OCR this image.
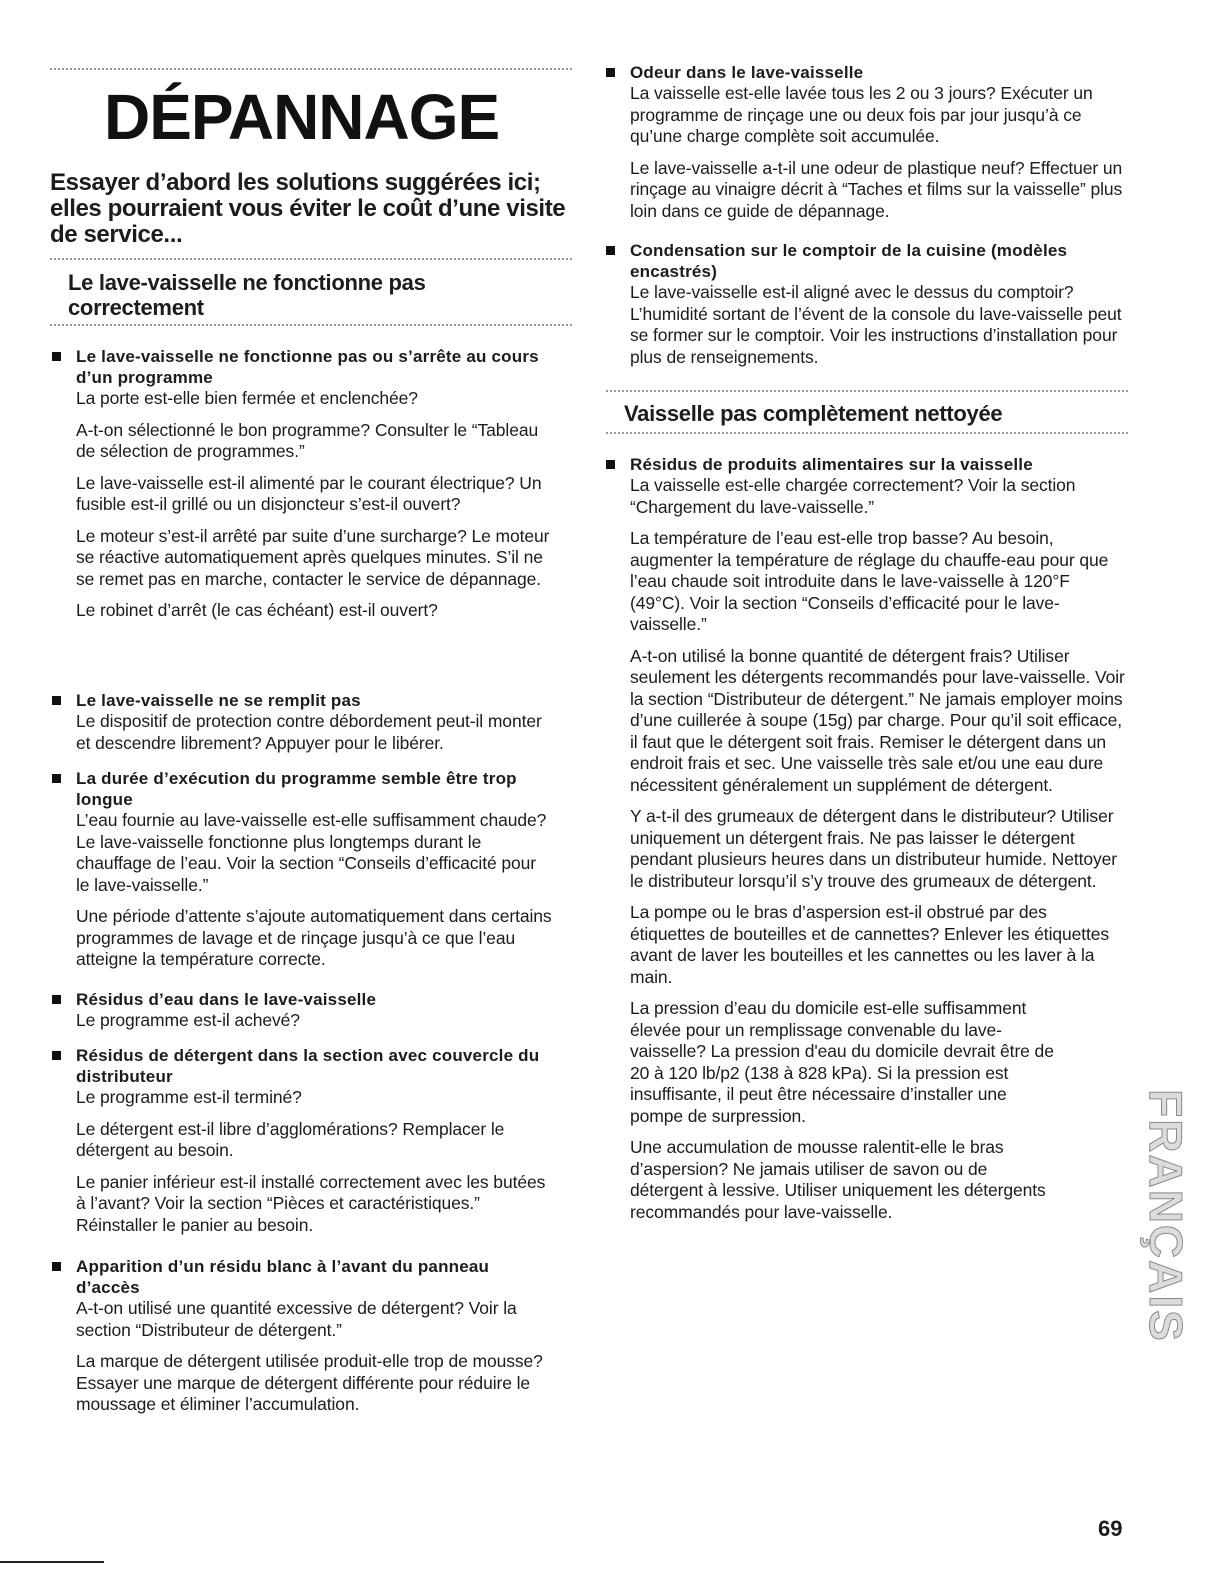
DÉPANNAGE
Essayer d’abord les solutions suggérées ici; elles pourraient vous éviter le coût d’une visite de service...
Le lave-vaisselle ne fonctionne pas correctement
Le lave-vaisselle ne fonctionne pas ou s’arrête au cours d’un programme

La porte est-elle bien fermée et enclenchée?

A-t-on sélectionné le bon programme? Consulter le “Tableau de sélection de programmes.”

Le lave-vaisselle est-il alimenté par le courant électrique? Un fusible est-il grillé ou un disjoncteur s’est-il ouvert?

Le moteur s’est-il arrêté par suite d’une surcharge? Le moteur se réactive automatiquement après quelques minutes. S’il ne se remet pas en marche, contacter le service de dépannage.

Le robinet d’arrêt (le cas échéant) est-il ouvert?

Le lave-vaisselle ne se remplit pas

Le dispositif de protection contre débordement peut-il monter et descendre librement? Appuyer pour le libérer.

La durée d’exécution du programme semble être trop longue

L’eau fournie au lave-vaisselle est-elle suffisamment chaude? Le lave-vaisselle fonctionne plus longtemps durant le chauffage de l’eau. Voir la section “Conseils d’efficacité pour le lave-vaisselle.”

Une période d’attente s’ajoute automatiquement dans certains programmes de lavage et de rinçage jusqu’à ce que l’eau atteigne la température correcte.

Résidus d’eau dans le lave-vaisselle

Le programme est-il achevé?

Résidus de détergent dans la section avec couvercle du distributeur

Le programme est-il terminé?

Le détergent est-il libre d’agglomérations? Remplacer le détergent au besoin.

Le panier inférieur est-il installé correctement avec les butées à l’avant? Voir la section “Pièces et caractéristiques.” Réinstaller le panier au besoin.

Apparition d’un résidu blanc à l’avant du panneau d’accès

A-t-on utilisé une quantité excessive de détergent? Voir la section “Distributeur de détergent.”

La marque de détergent utilisée produit-elle trop de mousse? Essayer une marque de détergent différente pour réduire le moussage et éliminer l’accumulation.

Odeur dans le lave-vaisselle

La vaisselle est-elle lavée tous les 2 ou 3 jours? Exécuter un programme de rinçage une ou deux fois par jour jusqu’à ce qu’une charge complète soit accumulée.

Le lave-vaisselle a-t-il une odeur de plastique neuf? Effectuer un rinçage au vinaigre décrit à “Taches et films sur la vaisselle” plus loin dans ce guide de dépannage.

Condensation sur le comptoir de la cuisine (modèles encastrés)

Le lave-vaisselle est-il aligné avec le dessus du comptoir? L’humidité sortant de l’évent de la console du lave-vaisselle peut se former sur le comptoir. Voir les instructions d’installation pour plus de renseignements.

Vaisselle pas complètement nettoyée
Résidus de produits alimentaires sur la vaisselle

La vaisselle est-elle chargée correctement? Voir la section “Chargement du lave-vaisselle.”

La température de l’eau est-elle trop basse? Au besoin, augmenter la température de réglage du chauffe-eau pour que l’eau chaude soit introduite dans le lave-vaisselle à 120°F (49°C). Voir la section “Conseils d’efficacité pour le lave-vaisselle.”

A-t-on utilisé la bonne quantité de détergent frais? Utiliser seulement les détergents recommandés pour lave-vaisselle. Voir la section “Distributeur de détergent.” Ne jamais employer moins d’une cuillerée à soupe (15g) par charge. Pour qu’il soit efficace, il faut que le détergent soit frais. Remiser le détergent dans un endroit frais et sec. Une vaisselle très sale et/ou une eau dure nécessitent généralement un supplément de détergent.

Y a-t-il des grumeaux de détergent dans le distributeur? Utiliser uniquement un détergent frais. Ne pas laisser le détergent pendant plusieurs heures dans un distributeur humide. Nettoyer le distributeur lorsqu’il s’y trouve des grumeaux de détergent.

La pompe ou le bras d’aspersion est-il obstrué par des étiquettes de bouteilles et de cannettes? Enlever les étiquettes avant de laver les bouteilles et les cannettes ou les laver à la main.

La pression d’eau du domicile est-elle suffisamment élevée pour un remplissage convenable du lave-vaisselle? La pression d'eau du domicile devrait être de 20 à 120 lb/p2 (138 à 828 kPa). Si la pression est insuffisante, il peut être nécessaire d’installer une pompe de surpression.

Une accumulation de mousse ralentit-elle le bras d’aspersion? Ne jamais utiliser de savon ou de détergent à lessive. Utiliser uniquement les détergents recommandés pour lave-vaisselle.	FRANÇAIS
69
